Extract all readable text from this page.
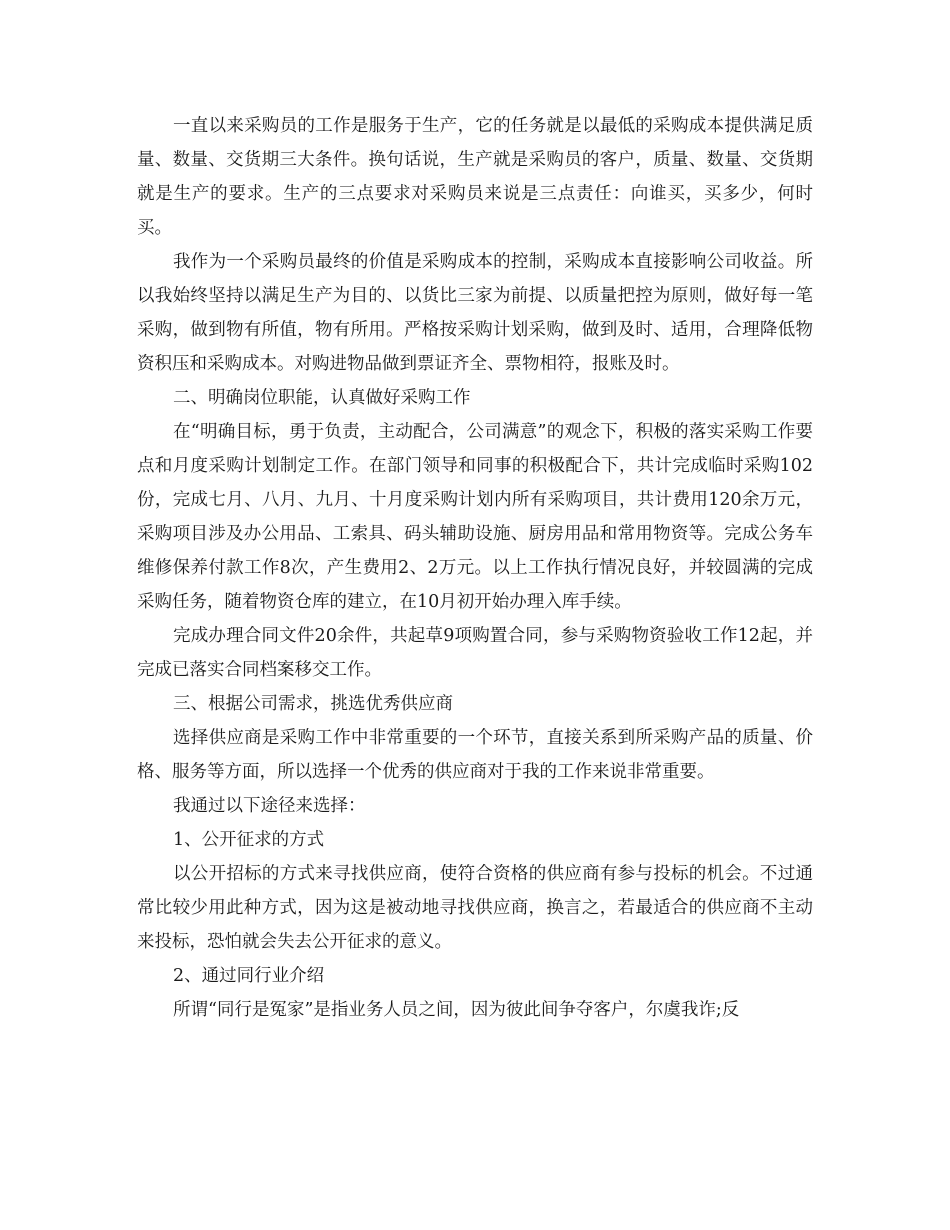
一直以来采购员的工作是服务于生产，它的任务就是以最低的采购成本提供满足质量、数量、交货期三大条件。换句话说，生产就是采购员的客户，质量、数量、交货期就是生产的要求。生产的三点要求对采购员来说是三点责任：向谁买，买多少，何时买。

我作为一个采购员最终的价值是采购成本的控制，采购成本直接影响公司收益。所以我始终坚持以满足生产为目的、以货比三家为前提、以质量把控为原则，做好每一笔采购，做到物有所值，物有所用。严格按采购计划采购，做到及时、适用，合理降低物资积压和采购成本。对购进物品做到票证齐全、票物相符，报账及时。

二、明确岗位职能，认真做好采购工作

在“明确目标，勇于负责，主动配合，公司满意”的观念下，积极的落实采购工作要点和月度采购计划制定工作。在部门领导和同事的积极配合下，共计完成临时采购102份，完成七月、八月、九月、十月度采购计划内所有采购项目，共计费用120余万元，采购项目涉及办公用品、工索具、码头辅助设施、厨房用品和常用物资等。完成公务车维修保养付款工作8次，产生费用2、2万元。以上工作执行情况良好，并较圆满的完成采购任务，随着物资仓库的建立，在10月初开始办理入库手续。

完成办理合同文件20余件，共起草9项购置合同，参与采购物资验收工作12起，并完成已落实合同档案移交工作。

三、根据公司需求，挑选优秀供应商

选择供应商是采购工作中非常重要的一个环节，直接关系到所采购产品的质量、价格、服务等方面，所以选择一个优秀的供应商对于我的工作来说非常重要。

我通过以下途径来选择：

1、公开征求的方式

以公开招标的方式来寻找供应商，使符合资格的供应商有参与投标的机会。不过通常比较少用此种方式，因为这是被动地寻找供应商，换言之，若最适合的供应商不主动来投标，恐怕就会失去公开征求的意义。

2、通过同行业介绍

所谓“同行是冤家”是指业务人员之间，因为彼此间争夺客户，尔虞我诈;反
